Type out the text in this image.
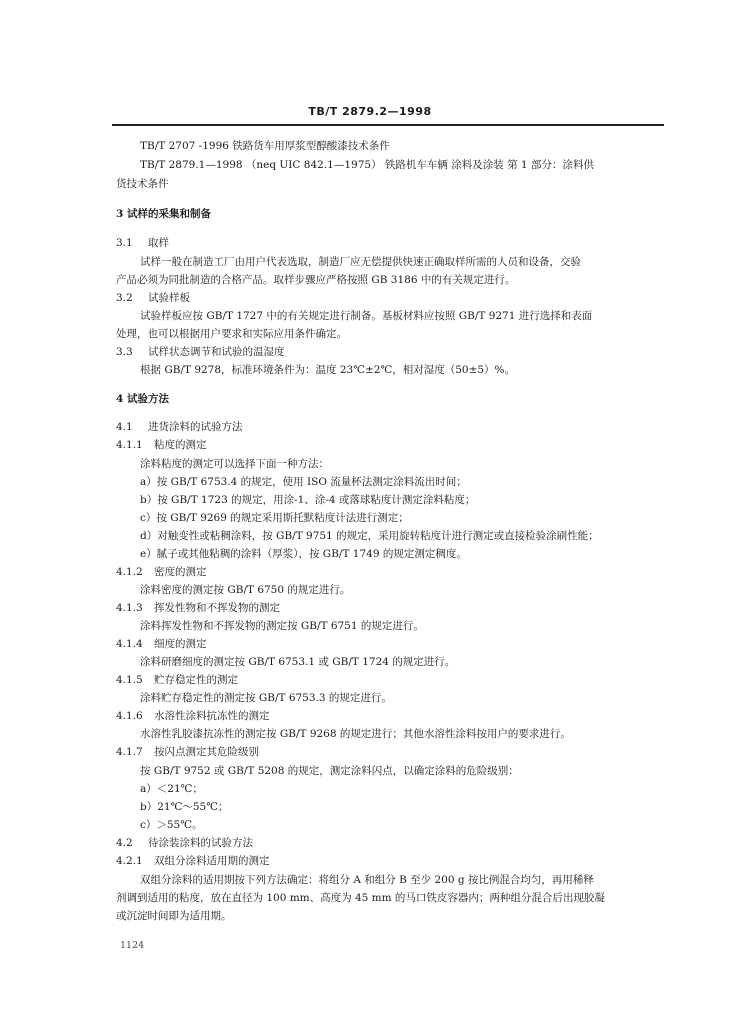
TB/T 2879.2—1998
TB/T 2707 -1996 铁路货车用厚浆型醇酸漆技术条件
TB/T 2879.1—1998 （neq UIC 842.1—1975） 铁路机车车辆 涂料及涂装 第 1 部分：涂料供
货技术条件
3 试样的采集和制备
3.1 取样
试样一般在制造工厂由用户代表选取，制造厂应无偿提供快速正确取样所需的人员和设备，交验
产品必须为同批制造的合格产品。取样步骤应严格按照 GB 3186 中的有关规定进行。
3.2 试验样板
试验样板应按 GB/T 1727 中的有关规定进行制备。基板材料应按照 GB/T 9271 进行选择和表面
处理，也可以根据用户要求和实际应用条件确定。
3.3 试样状态调节和试验的温湿度
根据 GB/T 9278，标准环境条件为：温度 23℃±2℃，相对湿度（50±5）%。
4 试验方法
4.1 进货涂料的试验方法
4.1.1 粘度的测定
涂料粘度的测定可以选择下面一种方法：
a）按 GB/T 6753.4 的规定，使用 ISO 流量杯法测定涂料流出时间；
b）按 GB/T 1723 的规定，用涂-1、涂-4 或落球粘度计测定涂料粘度；
c）按 GB/T 9269 的规定采用斯托默粘度计法进行测定；
d）对触变性或粘稠涂料，按 GB/T 9751 的规定，采用旋转粘度计进行测定或直接检验涂刷性能；
e）腻子或其他粘稠的涂料（厚浆），按 GB/T 1749 的规定测定稠度。
4.1.2 密度的测定
涂料密度的测定按 GB/T 6750 的规定进行。
4.1.3 挥发性物和不挥发物的测定
涂料挥发性物和不挥发物的测定按 GB/T 6751 的规定进行。
4.1.4 细度的测定
涂料研磨细度的测定按 GB/T 6753.1 或 GB/T 1724 的规定进行。
4.1.5 贮存稳定性的测定
涂料贮存稳定性的测定按 GB/T 6753.3 的规定进行。
4.1.6 水溶性涂料抗冻性的测定
水溶性乳胶漆抗冻性的测定按 GB/T 9268 的规定进行；其他水溶性涂料按用户的要求进行。
4.1.7 按闪点测定其危险级别
按 GB/T 9752 或 GB/T 5208 的规定，测定涂料闪点，以确定涂料的危险级别：
a）＜21℃；
b）21℃～55℃；
c）＞55℃。
4.2 待涂装涂料的试验方法
4.2.1 双组分涂料适用期的测定
双组分涂料的适用期按下列方法确定：将组分 A 和组分 B 至少 200 g 按比例混合均匀，再用稀释
剂调到适用的粘度，放在直径为 100 mm、高度为 45 mm 的马口铁皮容器内；两种组分混合后出现胶凝
或沉淀时间即为适用期。
1124
